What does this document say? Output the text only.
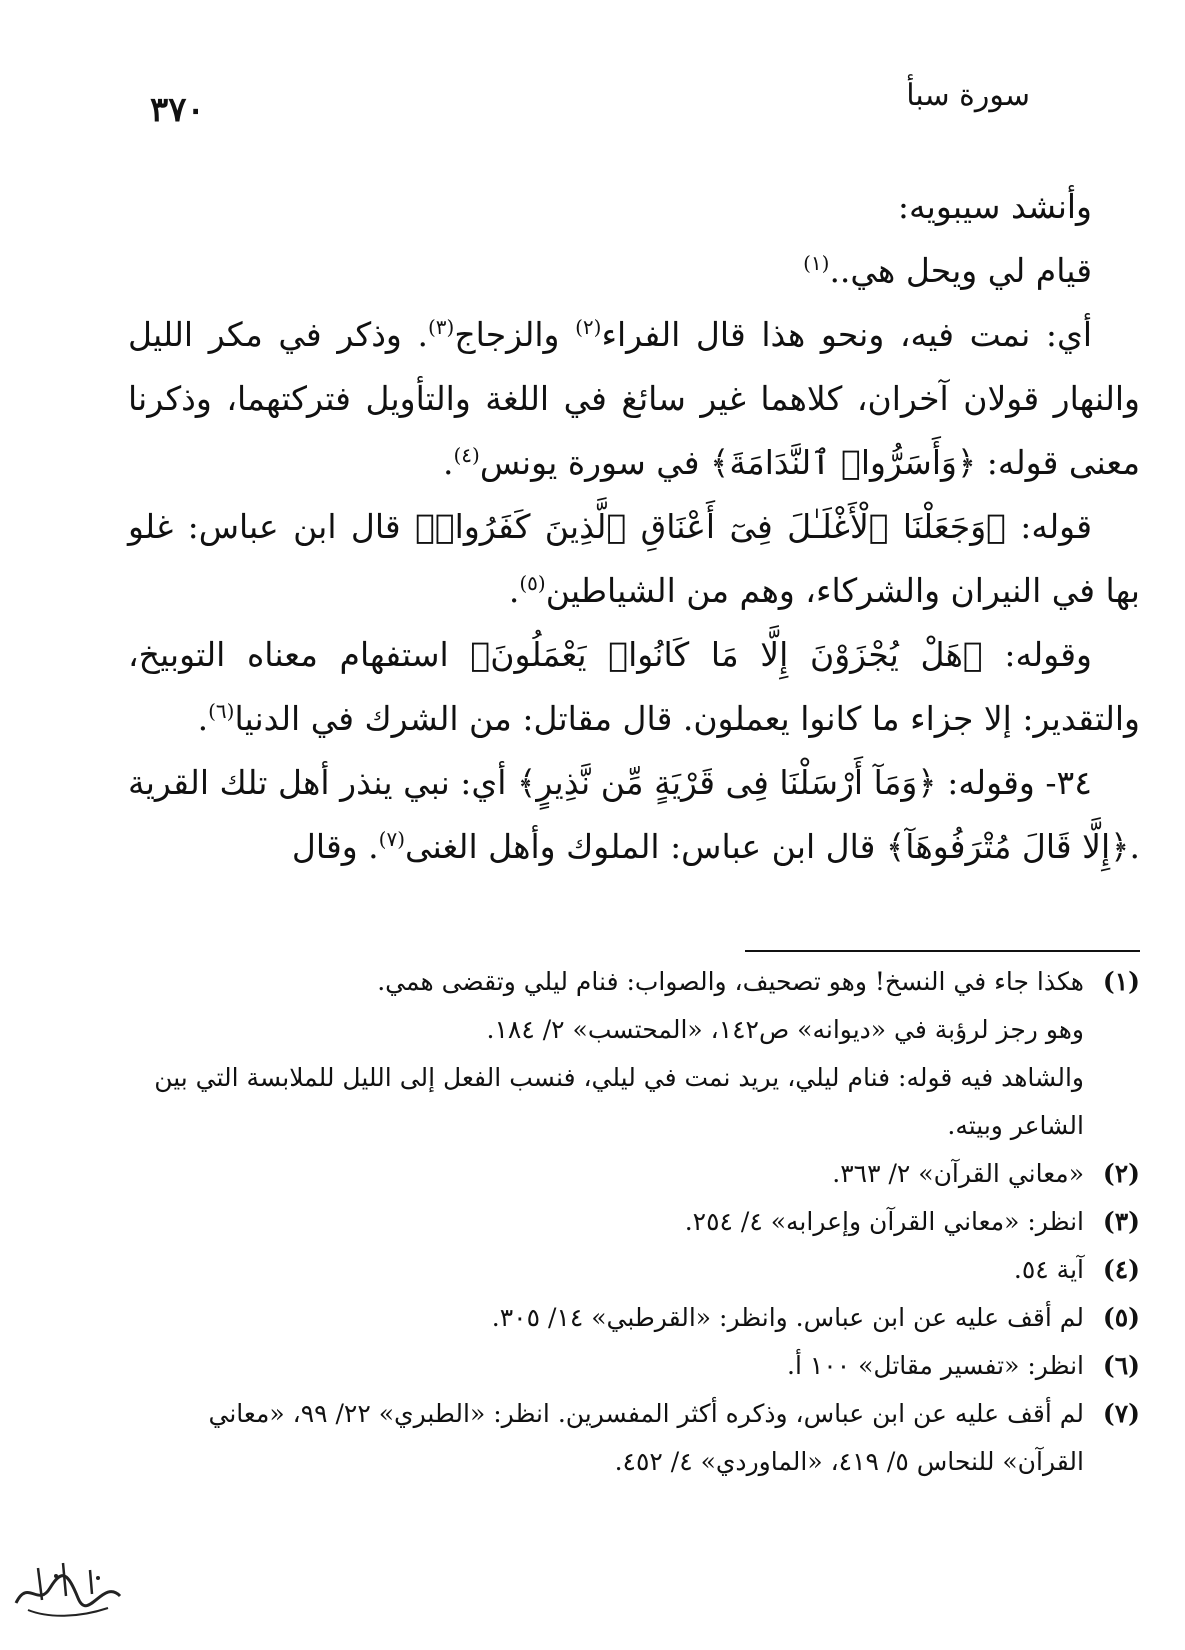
٣٧٠	سورة سبأ

وأنشد سيبويه:

قيام لي ويحل هي..$^{(١)}$

أي: نمت فيه، ونحو هذا قال الفراء$^{(٢)}$ والزجاج$^{(٣)}$. وذكر في مكر الليل والنهار قولان آخران، كلاهما غير سائغ في اللغة والتأويل فتركتهما، وذكرنا معنى قوله: ﴿وَأَسَرُّوا۟ ٱلنَّدَامَةَ﴾ في سورة يونس$^{(٤)}$.

قوله: ﴿وَجَعَلْنَا ٱلْأَغْلَـٰلَ فِىٓ أَعْنَاقِ ٱلَّذِينَ كَفَرُوا۟﴾ قال ابن عباس: غلو بها في النيران والشركاء، وهم من الشياطين$^{(٥)}$.

وقوله: ﴿هَلْ يُجْزَوْنَ إِلَّا مَا كَانُوا۟ يَعْمَلُونَ﴾ استفهام معناه التوبيخ، والتقدير: إلا جزاء ما كانوا يعملون. قال مقاتل: من الشرك في الدنيا$^{(٦)}$.

٣٤- وقوله: ﴿وَمَآ أَرْسَلْنَا فِى قَرْيَةٍ مِّن نَّذِيرٍ﴾ أي: نبي ينذر أهل تلك القرية .﴿إِلَّا قَالَ مُتْرَفُوهَآ﴾ قال ابن عباس: الملوك وأهل الغنى$^{(٧)}$. وقال

(١)

هكذا جاء في النسخ! وهو تصحيف، والصواب: فنام ليلي وتقضى همي.

وهو رجز لرؤبة في «ديوانه» ص١٤٢، «المحتسب» ٢/ ١٨٤.

والشاهد فيه قوله: فنام ليلي، يريد نمت في ليلي، فنسب الفعل إلى الليل للملابسة التي بين الشاعر وبيته.

(٢)

«معاني القرآن» ٢/ ٣٦٣.

(٣)

انظر: «معاني القرآن وإعرابه» ٤/ ٢٥٤.

(٤)

آية ٥٤.

(٥)

لم أقف عليه عن ابن عباس. وانظر: «القرطبي» ١٤/ ٣٠٥.

(٦)

انظر: «تفسير مقاتل» ١٠٠ أ.

(٧)

لم أقف عليه عن ابن عباس، وذكره أكثر المفسرين. انظر: «الطبري» ٢٢/ ٩٩، «معاني القرآن» للنحاس ٥/ ٤١٩، «الماوردي» ٤/ ٤٥٢.
